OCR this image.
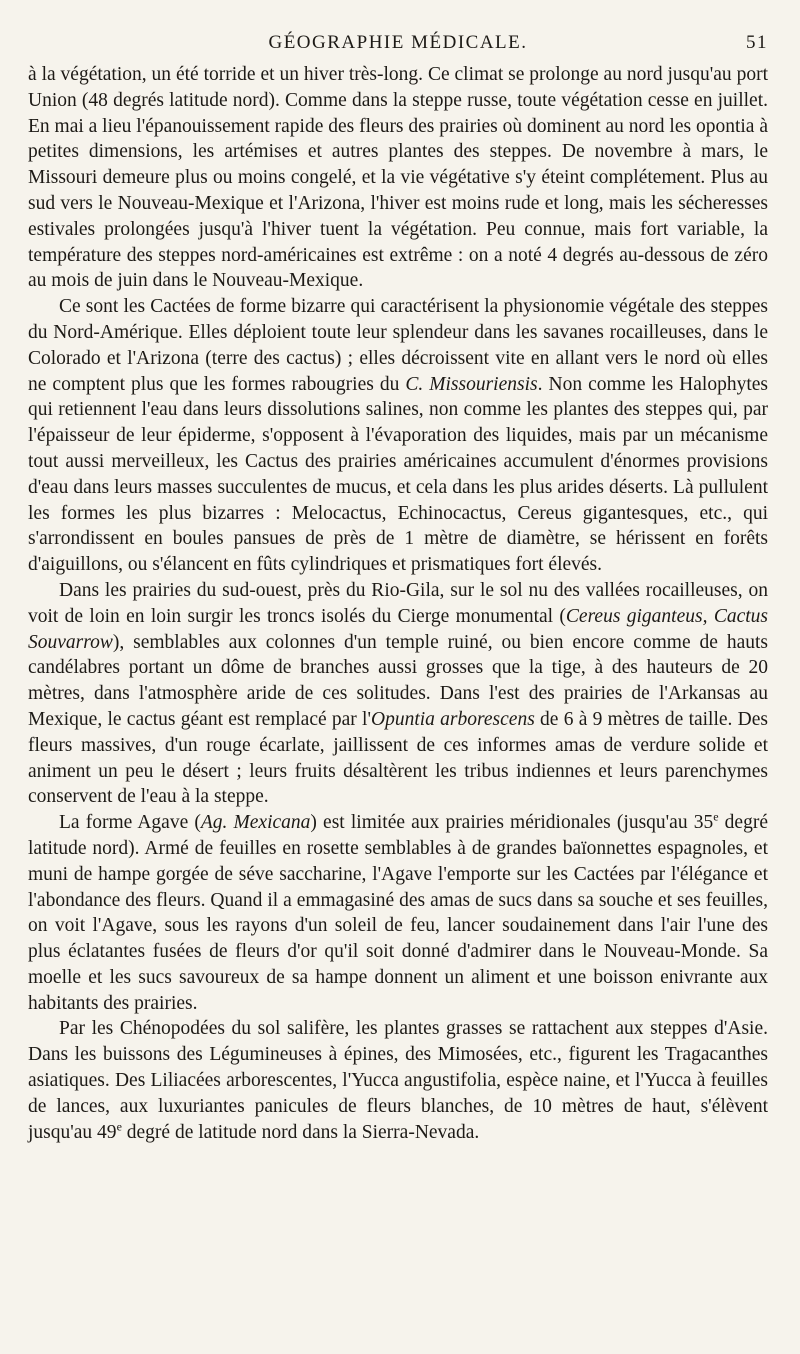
GÉOGRAPHIE MÉDICALE.	51

à la végétation, un été torride et un hiver très-long. Ce climat se prolonge au nord jusqu'au port Union (48 degrés latitude nord). Comme dans la steppe russe, toute végétation cesse en juillet. En mai a lieu l'épanouissement rapide des fleurs des prairies où dominent au nord les opontia à petites dimensions, les artémises et autres plantes des steppes. De novembre à mars, le Missouri demeure plus ou moins congelé, et la vie végétative s'y éteint complétement. Plus au sud vers le Nouveau-Mexique et l'Arizona, l'hiver est moins rude et long, mais les sécheresses estivales prolongées jusqu'à l'hiver tuent la végétation. Peu connue, mais fort variable, la température des steppes nord-américaines est extrême : on a noté 4 degrés au-dessous de zéro au mois de juin dans le Nouveau-Mexique.

Ce sont les Cactées de forme bizarre qui caractérisent la physionomie végétale des steppes du Nord-Amérique. Elles déploient toute leur splendeur dans les savanes rocailleuses, dans le Colorado et l'Arizona (terre des cactus) ; elles décroissent vite en allant vers le nord où elles ne comptent plus que les formes rabougries du C. Missouriensis. Non comme les Halophytes qui retiennent l'eau dans leurs dissolutions salines, non comme les plantes des steppes qui, par l'épaisseur de leur épiderme, s'opposent à l'évaporation des liquides, mais par un mécanisme tout aussi merveilleux, les Cactus des prairies américaines accumulent d'énormes provisions d'eau dans leurs masses succulentes de mucus, et cela dans les plus arides déserts. Là pullulent les formes les plus bizarres : Melocactus, Echinocactus, Cereus gigantesques, etc., qui s'arrondissent en boules pansues de près de 1 mètre de diamètre, se hérissent en forêts d'aiguillons, ou s'élancent en fûts cylindriques et prismatiques fort élevés.

Dans les prairies du sud-ouest, près du Rio-Gila, sur le sol nu des vallées rocailleuses, on voit de loin en loin surgir les troncs isolés du Cierge monumental (Cereus giganteus, Cactus Souvarrow), semblables aux colonnes d'un temple ruiné, ou bien encore comme de hauts candélabres portant un dôme de branches aussi grosses que la tige, à des hauteurs de 20 mètres, dans l'atmosphère aride de ces solitudes. Dans l'est des prairies de l'Arkansas au Mexique, le cactus géant est remplacé par l'Opuntia arborescens de 6 à 9 mètres de taille. Des fleurs massives, d'un rouge écarlate, jaillissent de ces informes amas de verdure solide et animent un peu le désert ; leurs fruits désaltèrent les tribus indiennes et leurs parenchymes conservent de l'eau à la steppe.

La forme Agave (Ag. Mexicana) est limitée aux prairies méridionales (jusqu'au 35e degré latitude nord). Armé de feuilles en rosette semblables à de grandes baïonnettes espagnoles, et muni de hampe gorgée de séve saccharine, l'Agave l'emporte sur les Cactées par l'élégance et l'abondance des fleurs. Quand il a emmagasiné des amas de sucs dans sa souche et ses feuilles, on voit l'Agave, sous les rayons d'un soleil de feu, lancer soudainement dans l'air l'une des plus éclatantes fusées de fleurs d'or qu'il soit donné d'admirer dans le Nouveau-Monde. Sa moelle et les sucs savoureux de sa hampe donnent un aliment et une boisson enivrante aux habitants des prairies.

Par les Chénopodées du sol salifère, les plantes grasses se rattachent aux steppes d'Asie. Dans les buissons des Légumineuses à épines, des Mimosées, etc., figurent les Tragacanthes asiatiques. Des Liliacées arborescentes, l'Yucca angustifolia, espèce naine, et l'Yucca à feuilles de lances, aux luxuriantes panicules de fleurs blanches, de 10 mètres de haut, s'élèvent jusqu'au 49e degré de latitude nord dans la Sierra-Nevada.
